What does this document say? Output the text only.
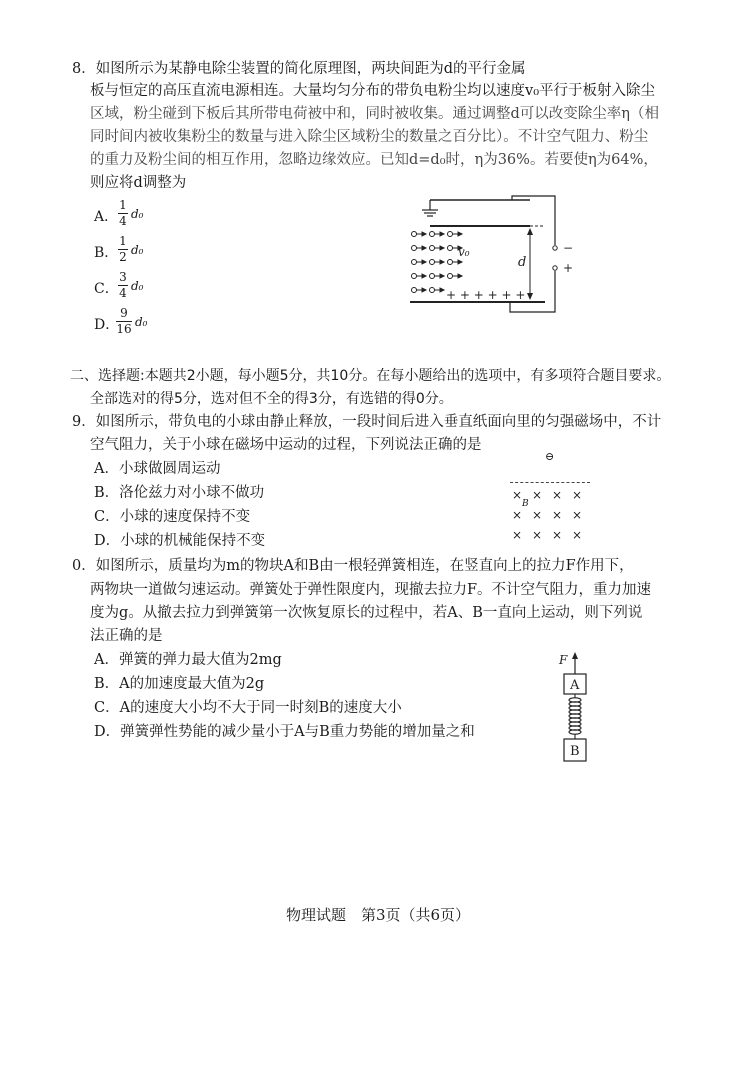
8．如图所示为某静电除尘装置的简化原理图，两块间距为d的平行金属
板与恒定的高压直流电源相连。大量均匀分布的带负电粉尘均以速度v₀平行于板射入除尘
区域，粉尘碰到下板后其所带电荷被中和，同时被收集。通过调整d可以改变除尘率η（相
同时间内被收集粉尘的数量与进入除尘区域粉尘的数量之百分比）。不计空气阻力、粉尘
的重力及粉尘间的相互作用，忽略边缘效应。已知d=d₀时，η为36%。若要使η为64%，
则应将d调整为
A．
1
4 d₀
B．
1
2 d₀
C．
3
4 d₀
D．
9
16 d₀
−
+
+ + + + + +
d
v₀
二、选择题:本题共2小题，每小题5分，共10分。在每小题给出的选项中，有多项符合题目要求。
全部选对的得5分，选对但不全的得3分，有选错的得0分。
9．如图所示，带负电的小球由静止释放，一段时间后进入垂直纸面向里的匀强磁场中，不计
空气阻力，关于小球在磁场中运动的过程，下列说法正确的是
A．小球做圆周运动
B．洛伦兹力对小球不做功
C．小球的速度保持不变
D．小球的机械能保持不变
⊖
× × × ×
× × × ×
× × × ×
B
0．如图所示，质量均为m的物块A和B由一根轻弹簧相连，在竖直向上的拉力F作用下，
两物块一道做匀速运动。弹簧处于弹性限度内，现撤去拉力F。不计空气阻力，重力加速
度为g。从撤去拉力到弹簧第一次恢复原长的过程中，若A、B一直向上运动，则下列说
法正确的是
A．弹簧的弹力最大值为2mg
B．A的加速度最大值为2g
C．A的速度大小均不大于同一时刻B的速度大小
D．弹簧弹性势能的减少量小于A与B重力势能的增加量之和
F
A
B
物理试题　第3页（共6页）
